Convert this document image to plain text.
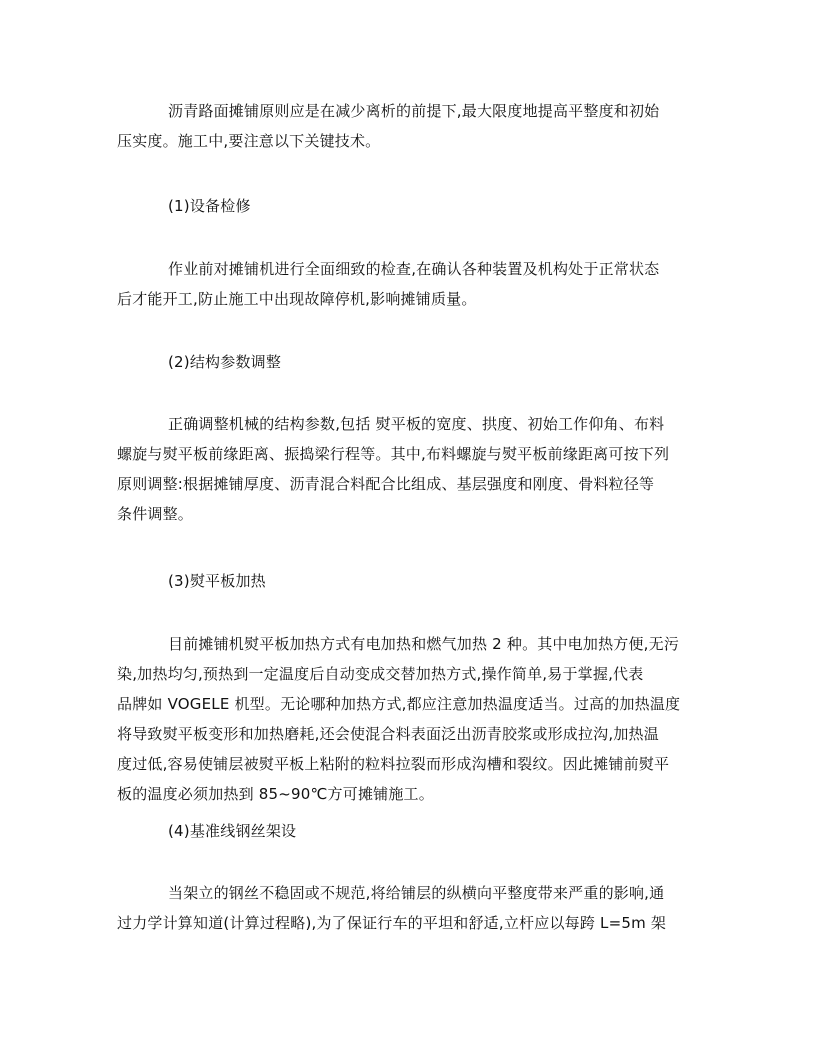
沥青路面摊铺原则应是在减少离析的前提下,最大限度地提高平整度和初始
压实度。施工中,要注意以下关键技术。
(1)设备检修
作业前对摊铺机进行全面细致的检查,在确认各种装置及机构处于正常状态
后才能开工,防止施工中出现故障停机,影响摊铺质量。
(2)结构参数调整
正确调整机械的结构参数,包括 熨平板的宽度、拱度、初始工作仰角、布料
螺旋与熨平板前缘距离、振捣梁行程等。其中,布料螺旋与熨平板前缘距离可按下列
原则调整:根据摊铺厚度、沥青混合料配合比组成、基层强度和刚度、骨料粒径等
条件调整。
(3)熨平板加热
目前摊铺机熨平板加热方式有电加热和燃气加热 2 种。其中电加热方便,无污
染,加热均匀,预热到一定温度后自动变成交替加热方式,操作简单,易于掌握,代表
品牌如 VOGELE 机型。无论哪种加热方式,都应注意加热温度适当。过高的加热温度
将导致熨平板变形和加热磨耗,还会使混合料表面泛出沥青胶浆或形成拉沟,加热温
度过低,容易使铺层被熨平板上粘附的粒料拉裂而形成沟槽和裂纹。因此摊铺前熨平
板的温度必须加热到 85~90℃方可摊铺施工。
(4)基准线钢丝架设
当架立的钢丝不稳固或不规范,将给铺层的纵横向平整度带来严重的影响,通
过力学计算知道(计算过程略),为了保证行车的平坦和舒适,立杆应以每跨 L=5m 架
